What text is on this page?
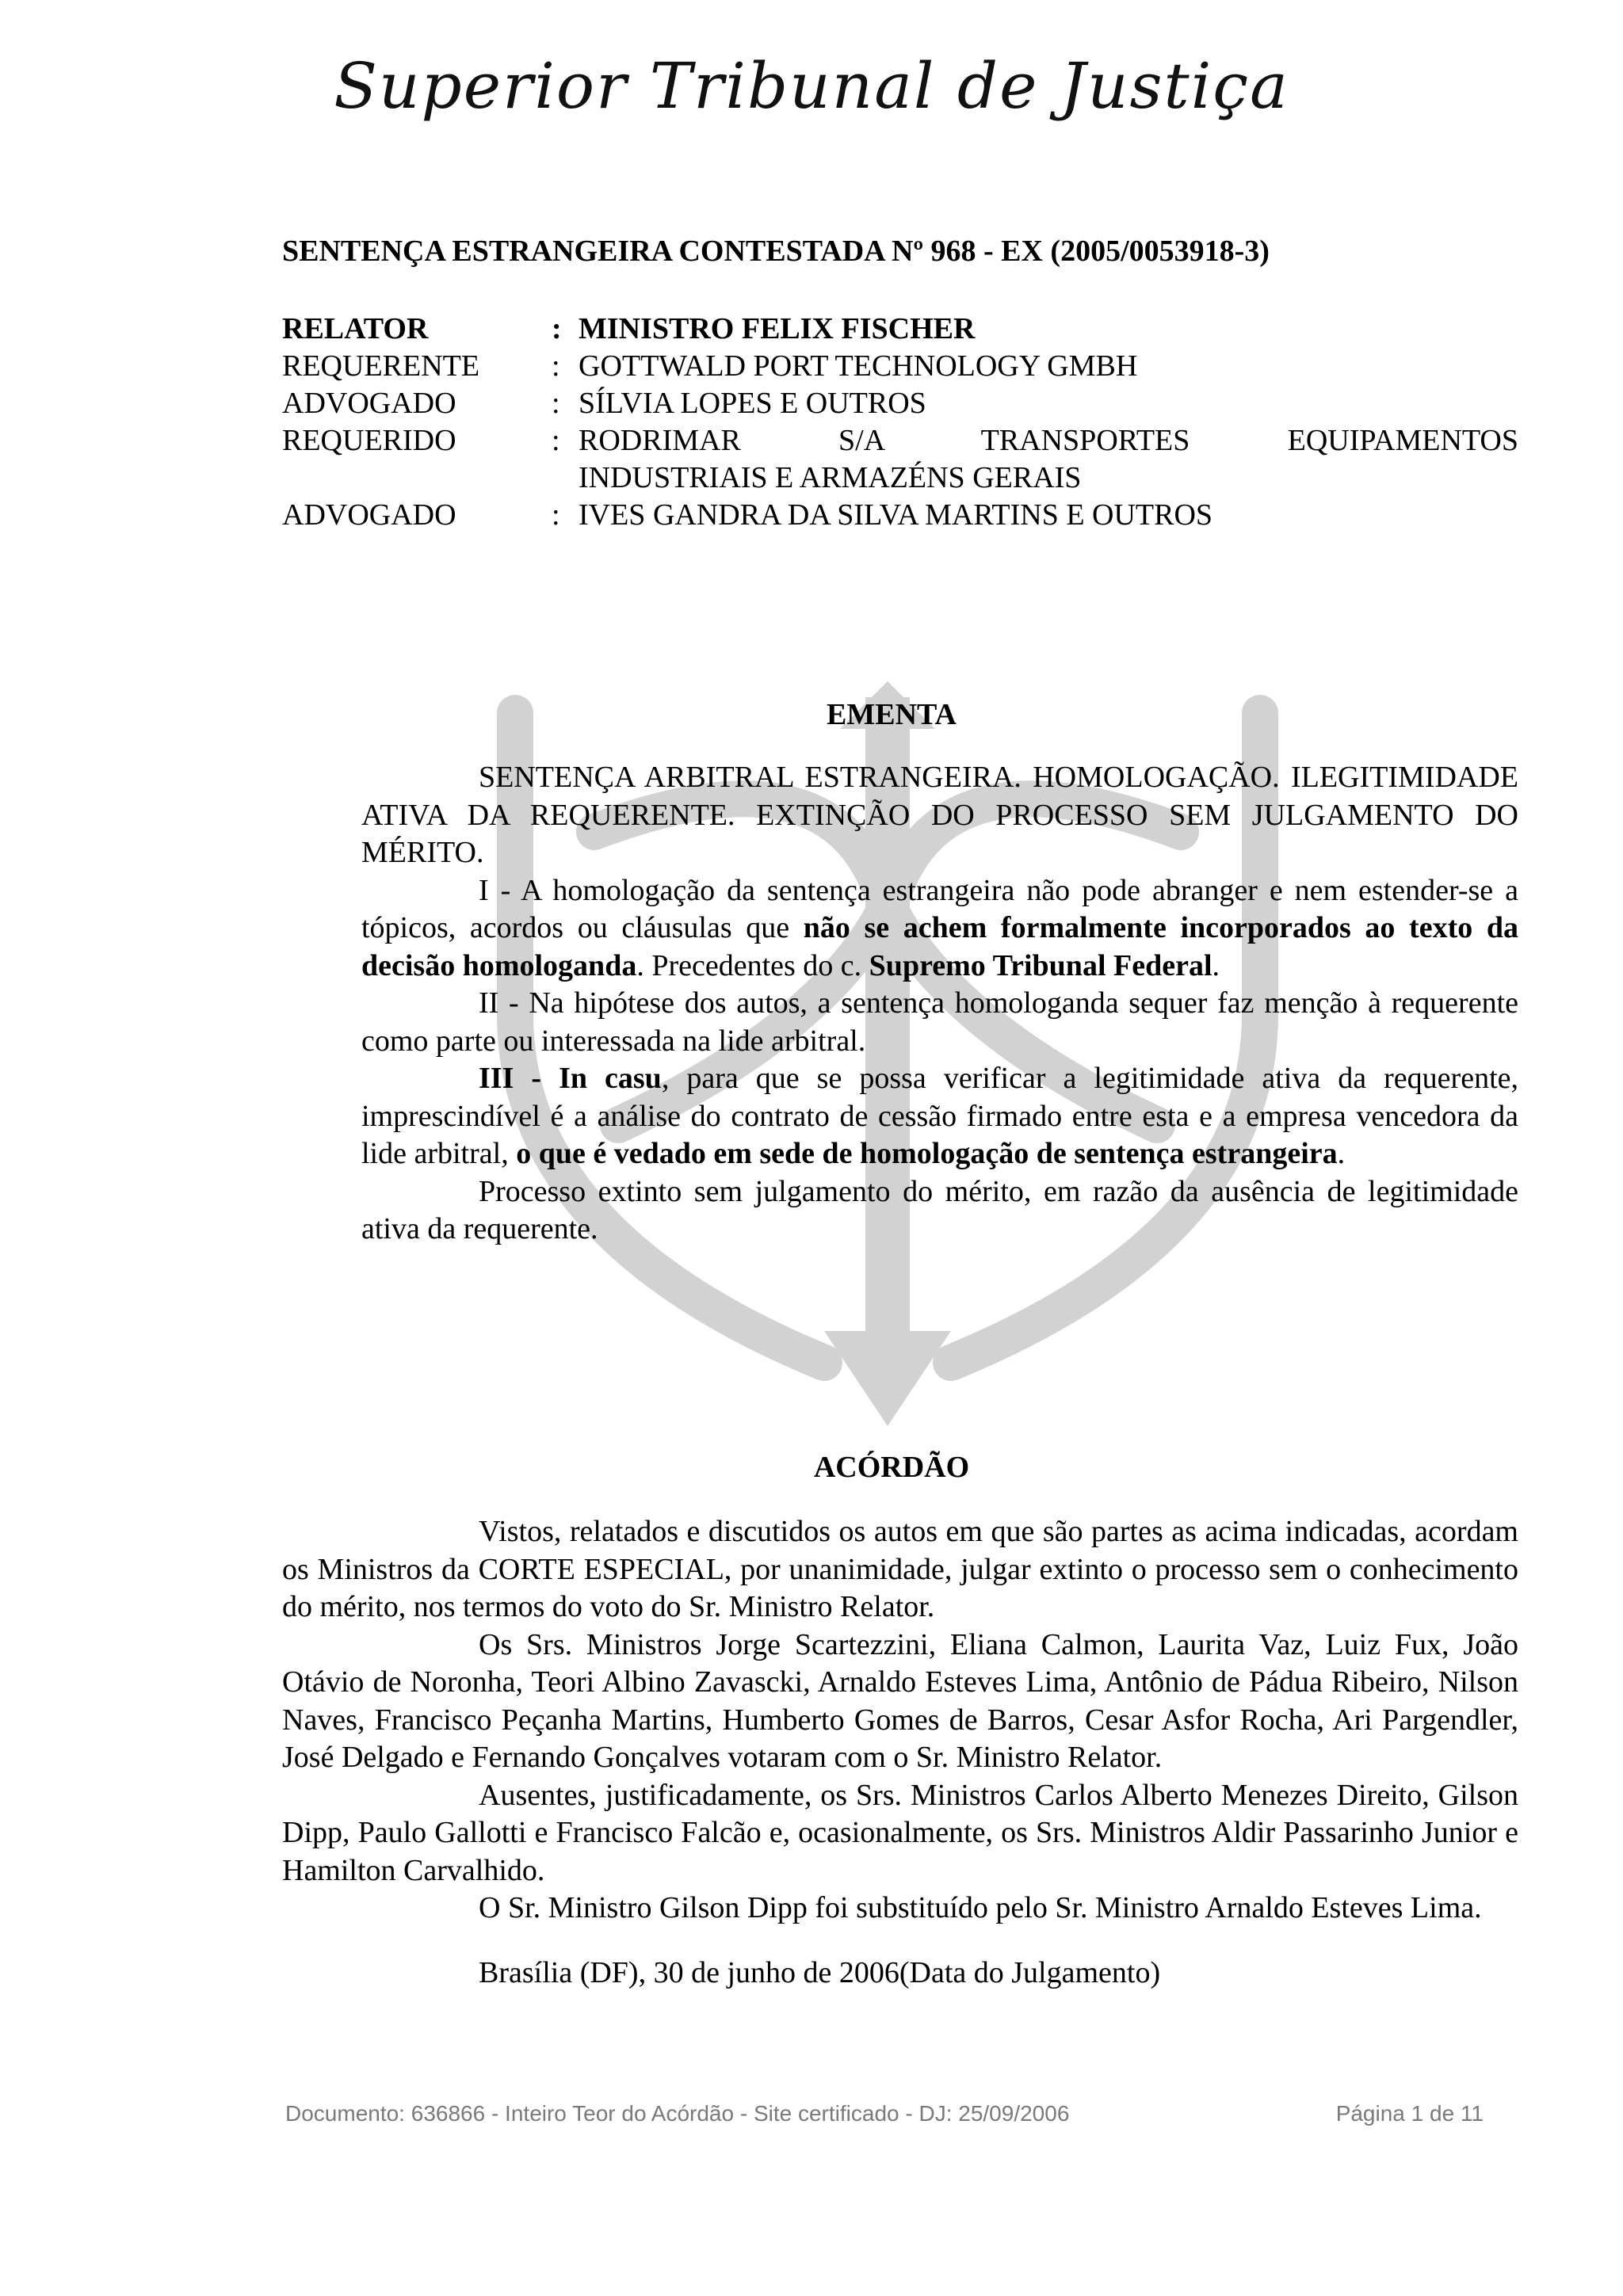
Superior Tribunal de Justiça
SENTENÇA ESTRANGEIRA CONTESTADA Nº 968 - EX (2005/0053918-3)
RELATOR	: MINISTRO FELIX FISCHER
REQUERENTE	: GOTTWALD PORT TECHNOLOGY GMBH
ADVOGADO	: SÍLVIA LOPES E OUTROS
REQUERIDO	: RODRIMAR S/A TRANSPORTES EQUIPAMENTOS
INDUSTRIAIS E ARMAZÉNS GERAIS
ADVOGADO	: IVES GANDRA DA SILVA MARTINS E OUTROS
EMENTA

SENTENÇA ARBITRAL ESTRANGEIRA. HOMOLOGAÇÃO. ILEGITIMIDADE ATIVA DA REQUERENTE. EXTINÇÃO DO PROCESSO SEM JULGAMENTO DO MÉRITO.

I - A homologação da sentença estrangeira não pode abranger e nem estender-se a tópicos, acordos ou cláusulas que não se achem formalmente incorporados ao texto da decisão homologanda. Precedentes do c. Supremo Tribunal Federal.

II - Na hipótese dos autos, a sentença homologanda sequer faz menção à requerente como parte ou interessada na lide arbitral.

III - In casu, para que se possa verificar a legitimidade ativa da requerente, imprescindível é a análise do contrato de cessão firmado entre esta e a empresa vencedora da lide arbitral, o que é vedado em sede de homologação de sentença estrangeira.

Processo extinto sem julgamento do mérito, em razão da ausência de legitimidade ativa da requerente.

ACÓRDÃO

Vistos, relatados e discutidos os autos em que são partes as acima indicadas, acordam os Ministros da CORTE ESPECIAL, por unanimidade, julgar extinto o processo sem o conhecimento do mérito, nos termos do voto do Sr. Ministro Relator.

Os Srs. Ministros Jorge Scartezzini, Eliana Calmon, Laurita Vaz, Luiz Fux, João Otávio de Noronha, Teori Albino Zavascki, Arnaldo Esteves Lima, Antônio de Pádua Ribeiro, Nilson Naves, Francisco Peçanha Martins, Humberto Gomes de Barros, Cesar Asfor Rocha, Ari Pargendler, José Delgado e Fernando Gonçalves votaram com o Sr. Ministro Relator.

Ausentes, justificadamente, os Srs. Ministros Carlos Alberto Menezes Direito, Gilson Dipp, Paulo Gallotti e Francisco Falcão e, ocasionalmente, os Srs. Ministros Aldir Passarinho Junior e Hamilton Carvalhido.

O Sr. Ministro Gilson Dipp foi substituído pelo Sr. Ministro Arnaldo Esteves Lima.

Brasília (DF), 30 de junho de 2006(Data do Julgamento)
Documento: 636866 - Inteiro Teor do Acórdão - Site certificado - DJ: 25/09/2006	Página 1 de 11
